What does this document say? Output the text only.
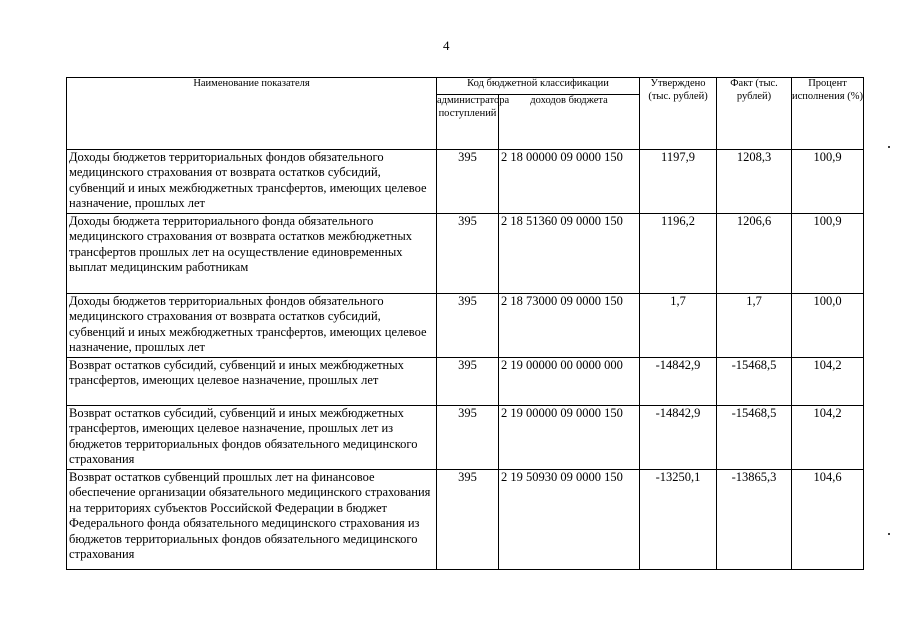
4
Наименование показателя	Код бюджетной классификации		Утверждено (тыс. рублей)	Факт (тыс. рублей)	Процент исполнения (%)
	администратора поступлений	доходов бюджета			
Доходы бюджетов территориальных фондов обязательного медицинского страхования от возврата остатков субсидий, субвенций и иных межбюджетных трансфертов, имеющих целевое назначение, прошлых лет	395	2 18 00000 09 0000 150	1197,9	1208,3	100,9
Доходы бюджета территориального фонда обязательного медицинского страхования от возврата остатков межбюджетных трансфертов прошлых лет на осуществление единовременных выплат медицинским работникам	395	2 18 51360 09 0000 150	1196,2	1206,6	100,9
Доходы бюджетов территориальных фондов обязательного медицинского страхования от возврата остатков субсидий, субвенций и иных межбюджетных трансфертов, имеющих целевое назначение, прошлых лет	395	2 18 73000 09 0000 150	1,7	1,7	100,0
Возврат остатков субсидий, субвенций и иных межбюджетных трансфертов, имеющих целевое назначение, прошлых лет	395	2 19 00000 00 0000 000	-14842,9	-15468,5	104,2
Возврат остатков субсидий, субвенций и иных межбюджетных трансфертов, имеющих целевое назначение, прошлых лет из бюджетов территориальных фондов обязательного медицинского страхования	395	2 19 00000 09 0000 150	-14842,9	-15468,5	104,2
Возврат остатков субвенций прошлых лет на финансовое обеспечение организации обязательного медицинского страхования на территориях субъектов Российской Федерации в бюджет Федерального фонда обязательного медицинского страхования из бюджетов территориальных фондов обязательного медицинского страхования	395	2 19 50930 09 0000 150	-13250,1	-13865,3	104,6
